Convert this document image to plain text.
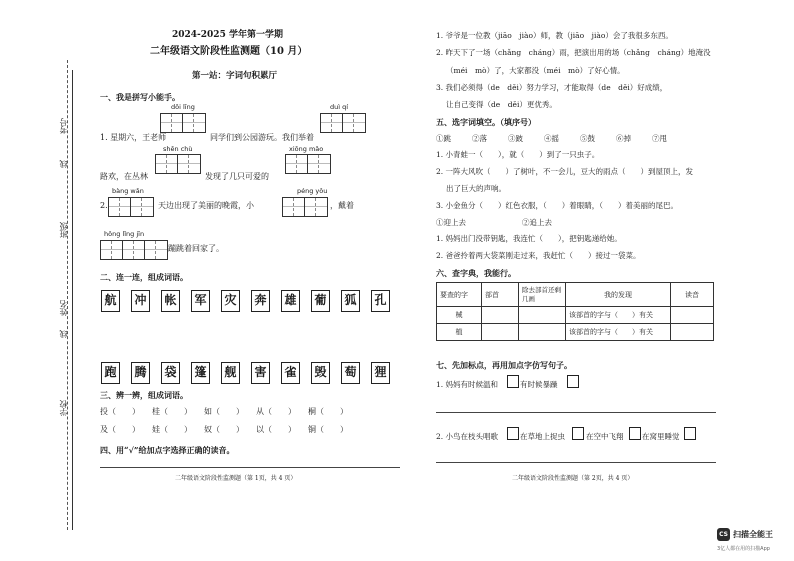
考号
班级
线
姓名
线
学校
2024-2025 学年第一学期
二年级语文阶段性监测题（10 月）
第一站：字词句积累厅
一、我是拼写小能手。
dōi līng	duì qí
1. 星期六，王老师	同学们到公园游玩。我们举着
shēn chù	xiōng mǎo
路欢，在丛林	发现了几只可爱的
bàng wǎn	péng yǒu
2.	天边出现了美丽的晚霞，小	，戴着
hǒng lǐng jīn
蹦跳着回家了。
二、连一连，组成词语。
航 冲 帐 军 灾 奔 雄 葡 狐 孔
跑 腾 袋 篷 舰 害 雀 毁 萄 狸
三、辨一辨，组成词语。
投（　　） 桂（　　） 如（　　） 从（　　） 桐（　　）
及（　　） 娃（　　） 奴（　　） 以（　　） 铜（　　）
四、用“√”给加点字选择正确的读音。
二年级语文阶段性监测题（第 1页，共 4 页）
1. 爷爷是一位教（jiāo　jiào）师，教（jiāo　jiào）会了我很多东西。
2. 昨天下了一场（chǎng　cháng）雨，把演出用的场（chǎng　cháng）地淹没
（méi　mò）了，大家都没（méi　mò）了好心情。
3. 我们必须得（de　děi）努力学习，才能取得（de　děi）好成绩，
让自己变得（de　děi）更优秀。
五、选字词填空。（填序号）
①跳	②落	③跛	④摇	⑤鼓	⑥掉	⑦甩
1. 小青蛙一（　　），就（　　）到了一只虫子。
2. 一阵大风吹（　　）了树叶，不一会儿，豆大的雨点（　　）到屋顶上，发
出了巨大的声响。
3. 小金鱼分（　　）红色衣服，（　　）着眼睛，（　　）着美丽的尾巴。
①迎上去	②追上去
1. 妈妈出门没带钥匙，我连忙（　　），把钥匙递给她。
2. 爸爸拎着两大袋菜刚走过来，我赶忙（　　）接过一袋菜。
六、查字典，我能行。
要查的字	部首	除去部首还剩几画	我的发现	读音
械			该部首的字与（　　）有关	
植			该部首的字与（　　）有关	
七、先加标点，再用加点字仿写句子。
1. 妈妈有时候温和	有时候暴躁
2. 小鸟在枝头唱歌	在草地上捉虫	在空中飞翔 在窝里睡觉
二年级语文阶段性监测题（第 2页，共 4 页）
CS 扫描全能王
3亿人都在用的扫描App
